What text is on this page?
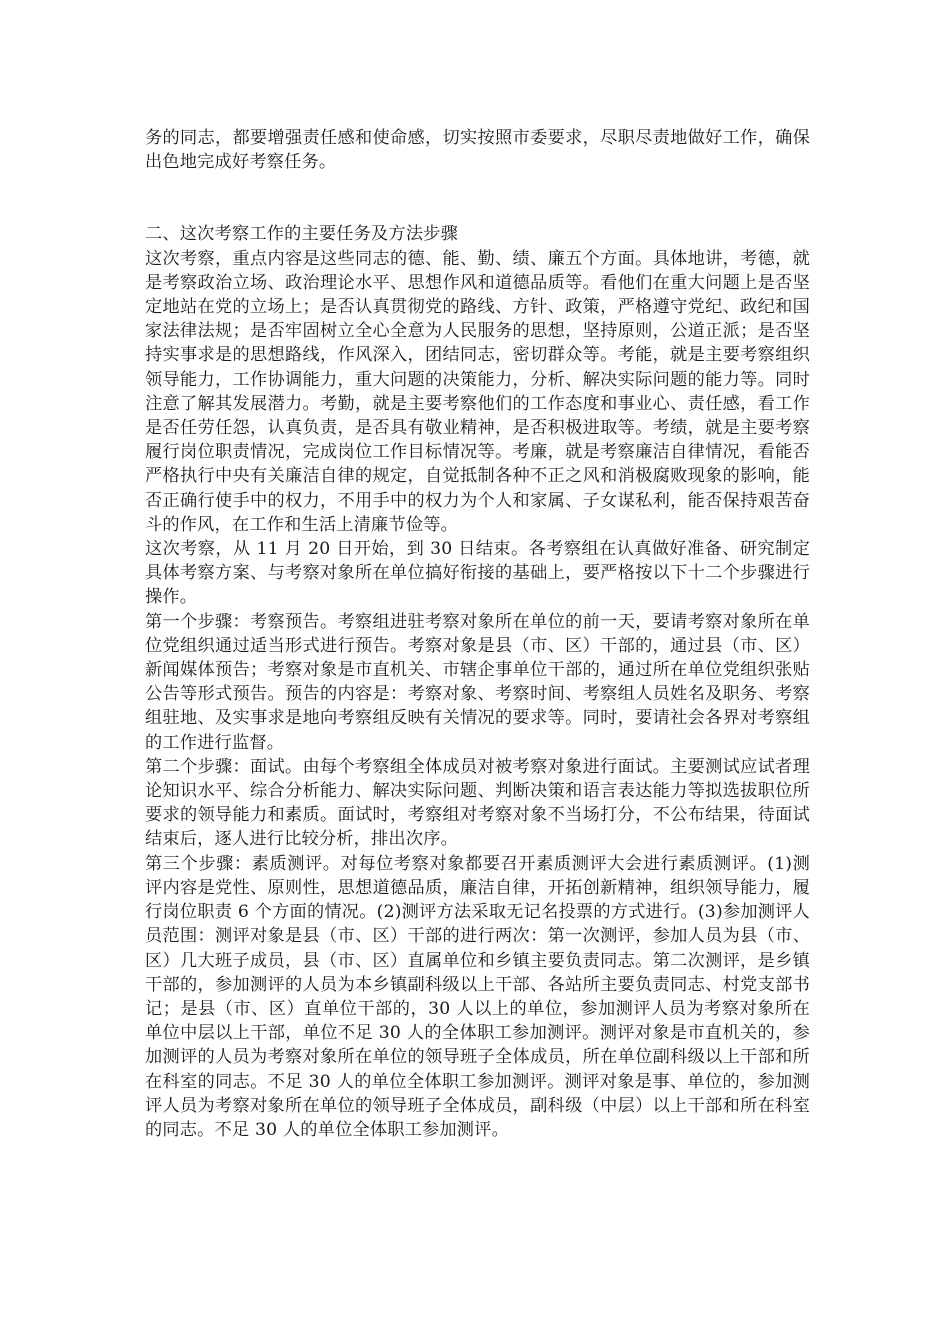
务的同志，都要增强责任感和使命感，切实按照市委要求，尽职尽责地做好工作，确保出色地完成好考察任务。

二、这次考察工作的主要任务及方法步骤

这次考察，重点内容是这些同志的德、能、勤、绩、廉五个方面。具体地讲，考德，就是考察政治立场、政治理论水平、思想作风和道德品质等。看他们在重大问题上是否坚定地站在党的立场上；是否认真贯彻党的路线、方针、政策，严格遵守党纪、政纪和国家法律法规；是否牢固树立全心全意为人民服务的思想，坚持原则，公道正派；是否坚持实事求是的思想路线，作风深入，团结同志，密切群众等。考能，就是主要考察组织领导能力，工作协调能力，重大问题的决策能力，分析、解决实际问题的能力等。同时注意了解其发展潜力。考勤，就是主要考察他们的工作态度和事业心、责任感，看工作是否任劳任怨，认真负责，是否具有敬业精神，是否积极进取等。考绩，就是主要考察履行岗位职责情况，完成岗位工作目标情况等。考廉，就是考察廉洁自律情况，看能否严格执行中央有关廉洁自律的规定，自觉抵制各种不正之风和消极腐败现象的影响，能否正确行使手中的权力，不用手中的权力为个人和家属、子女谋私利，能否保持艰苦奋斗的作风，在工作和生活上清廉节俭等。

这次考察，从 11 月 20 日开始，到 30 日结束。各考察组在认真做好准备、研究制定具体考察方案、与考察对象所在单位搞好衔接的基础上，要严格按以下十二个步骤进行操作。

第一个步骤：考察预告。考察组进驻考察对象所在单位的前一天，要请考察对象所在单位党组织通过适当形式进行预告。考察对象是县（市、区）干部的，通过县（市、区）新闻媒体预告；考察对象是市直机关、市辖企事单位干部的，通过所在单位党组织张贴公告等形式预告。预告的内容是：考察对象、考察时间、考察组人员姓名及职务、考察组驻地、及实事求是地向考察组反映有关情况的要求等。同时，要请社会各界对考察组的工作进行监督。

第二个步骤：面试。由每个考察组全体成员对被考察对象进行面试。主要测试应试者理论知识水平、综合分析能力、解决实际问题、判断决策和语言表达能力等拟选拔职位所要求的领导能力和素质。面试时，考察组对考察对象不当场打分，不公布结果，待面试结束后，逐人进行比较分析，排出次序。

第三个步骤：素质测评。对每位考察对象都要召开素质测评大会进行素质测评。(1)测评内容是党性、原则性，思想道德品质，廉洁自律，开拓创新精神，组织领导能力，履行岗位职责 6 个方面的情况。(2)测评方法采取无记名投票的方式进行。(3)参加测评人员范围：测评对象是县（市、区）干部的进行两次：第一次测评，参加人员为县（市、区）几大班子成员，县（市、区）直属单位和乡镇主要负责同志。第二次测评，是乡镇干部的，参加测评的人员为本乡镇副科级以上干部、各站所主要负责同志、村党支部书记；是县（市、区）直单位干部的，30 人以上的单位，参加测评人员为考察对象所在单位中层以上干部，单位不足 30 人的全体职工参加测评。测评对象是市直机关的，参加测评的人员为考察对象所在单位的领导班子全体成员，所在单位副科级以上干部和所在科室的同志。不足 30 人的单位全体职工参加测评。测评对象是事、单位的，参加测评人员为考察对象所在单位的领导班子全体成员，副科级（中层）以上干部和所在科室的同志。不足 30 人的单位全体职工参加测评。
